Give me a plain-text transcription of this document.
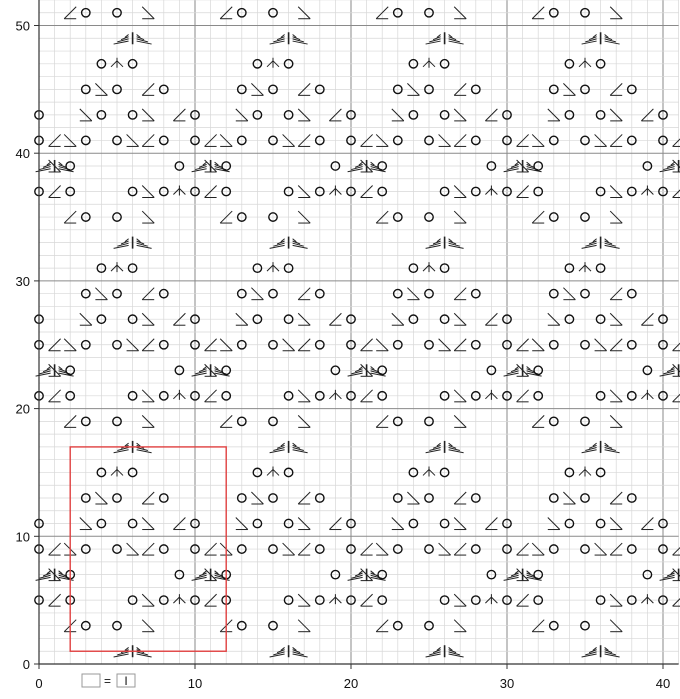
0	10	20	30	40
0
10
20
30
40
50
= I
